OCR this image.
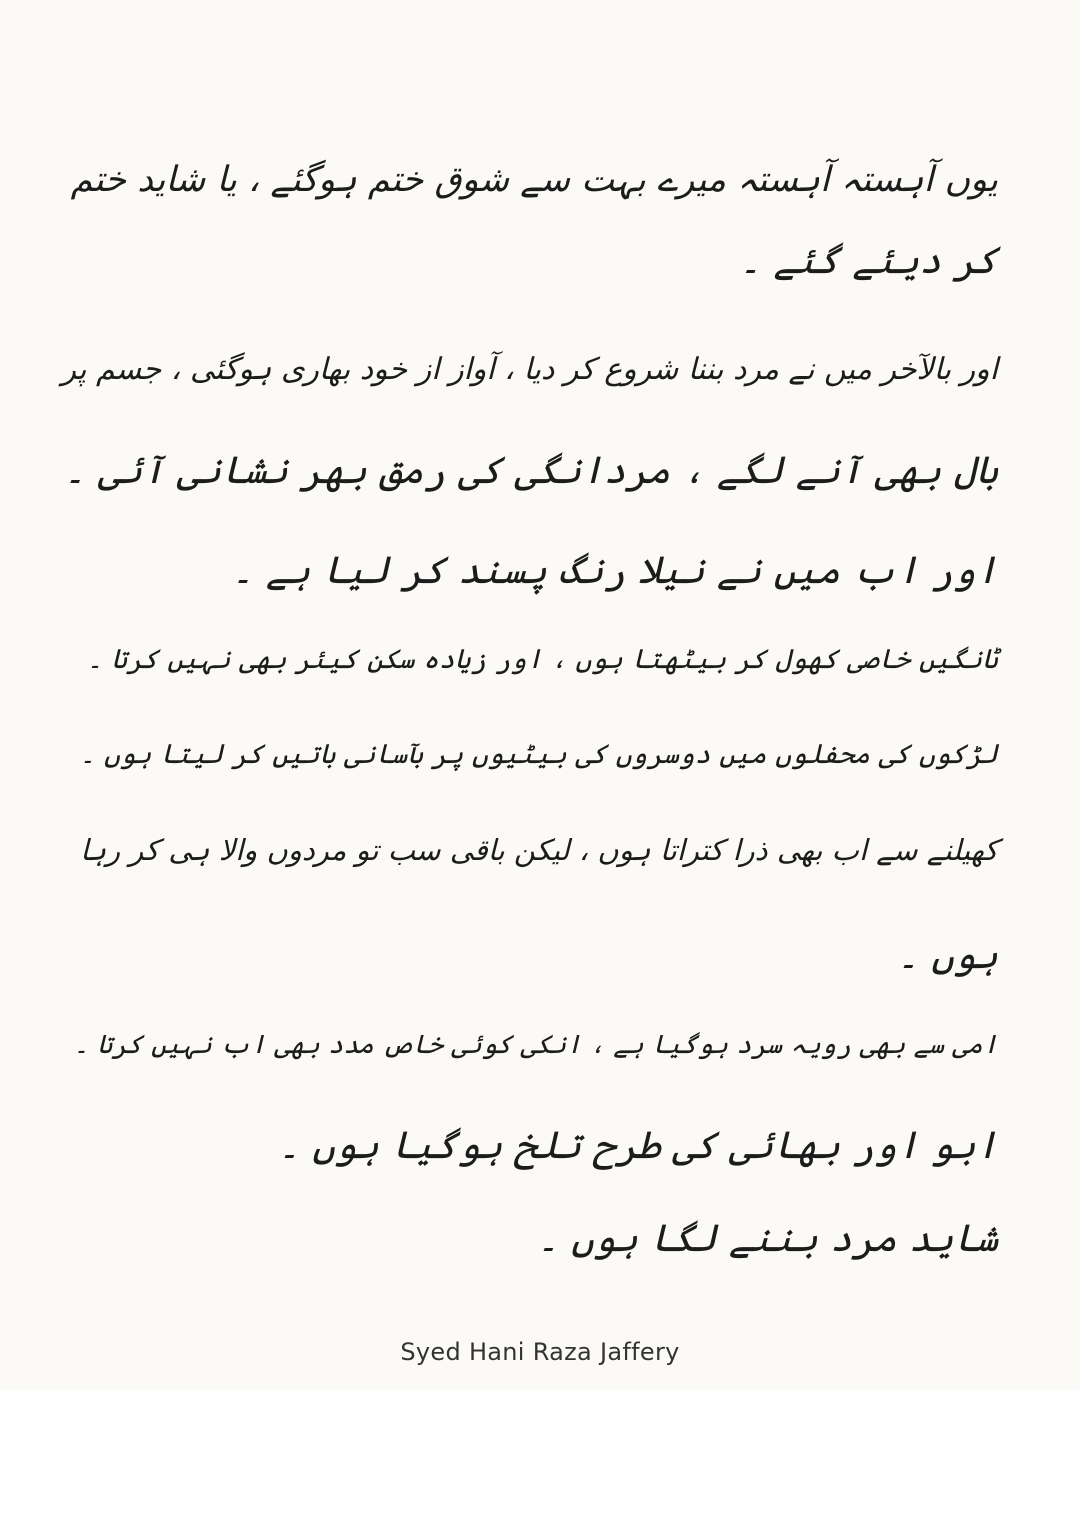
یوں آہستہ آہستہ میرے بہت سے شوق ختم ہوگئے ، یا شاید ختم
کر دیئے گئے ۔
اور بالآخر میں نے مرد بننا شروع کر دیا ، آواز از خود بھاری ہوگئی ، جسم پر
بال بھی آنے لگے ، مردانگی کی رمق بھر نشانی آئی ۔
اور اب میں نے نیلا رنگ پسند کر لیا ہے ۔
ٹانگیں خاصی کھول کر بیٹھتا ہوں ، اور زیادہ سکن کیئر بھی نہیں کرتا ۔
لڑکوں کی محفلوں میں دوسروں کی بیٹیوں پر بآسانی باتیں کر لیتا ہوں ۔
کھیلنے سے اب بھی ذرا کتراتا ہوں ، لیکن باقی سب تو مردوں والا ہی کر رہا
ہوں ۔
امی سے بھی رویہ سرد ہوگیا ہے ، انکی کوئی خاص مدد بھی اب نہیں کرتا ۔
ابو اور بھائی کی طرح تلخ ہوگیا ہوں ۔
شاید مرد بننے لگا ہوں ۔
Syed Hani Raza Jaffery
